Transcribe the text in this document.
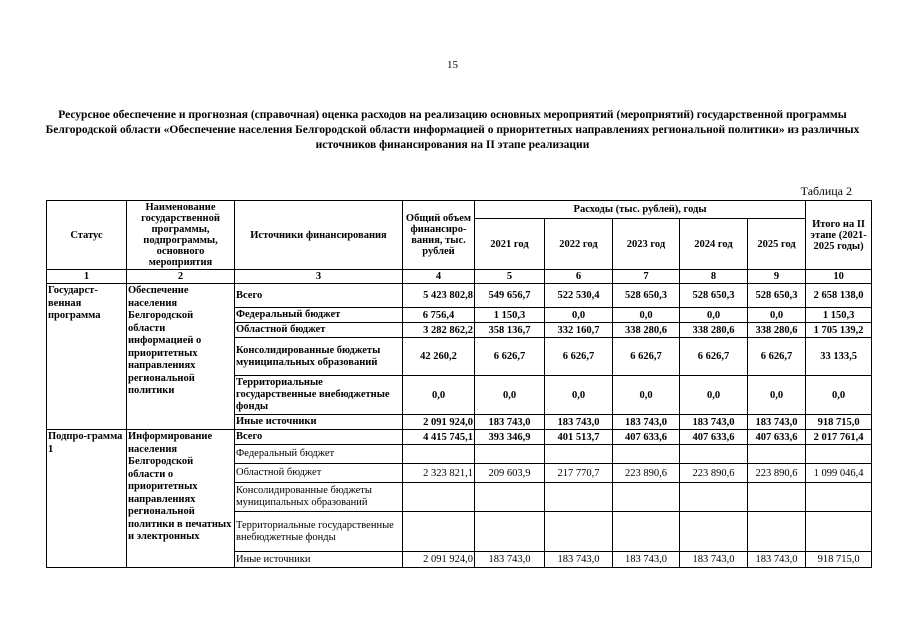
15
Ресурсное обеспечение и прогнозная (справочная) оценка расходов на реализацию основных мероприятий (мероприятий) государственной программы Белгородской области «Обеспечение населения Белгородской области информацией о приоритетных направлениях региональной политики» из различных источников финансирования на II этапе реализации
Таблица 2
Статус	Наименование государственной программы, подпрограммы, основного мероприятия	Источники финансирования	Общий объем финансиро-вания, тыс. рублей	Расходы (тыс. рублей), годы					Итого на II этапе (2021-2025 годы)
				2021 год	2022 год	2023 год	2024 год	2025 год	
1	2	3	4	5	6	7	8	9	10
Государст-венная программа	Обеспечение населения Белгородской области информацией о приоритетных направлениях региональной политики	Всего	5 423 802,8	549 656,7	522 530,4	528 650,3	528 650,3	528 650,3	2 658 138,0
		Федеральный бюджет	6 756,4	1 150,3	0,0	0,0	0,0	0,0	1 150,3
		Областной бюджет	3 282 862,2	358 136,7	332 160,7	338 280,6	338 280,6	338 280,6	1 705 139,2
		Консолидированные бюджеты муниципальных образований	42 260,2	6 626,7	6 626,7	6 626,7	6 626,7	6 626,7	33 133,5
		Территориальные государственные внебюджетные фонды	0,0	0,0	0,0	0,0	0,0	0,0	0,0
		Иные источники	2 091 924,0	183 743,0	183 743,0	183 743,0	183 743,0	183 743,0	918 715,0
Подпро-грамма 1	Информирование населения Белгородской области о приоритетных направлениях региональной политики в печатных и электронных	Всего	4 415 745,1	393 346,9	401 513,7	407 633,6	407 633,6	407 633,6	2 017 761,4
		Федеральный бюджет							
		Областной бюджет	2 323 821,1	209 603,9	217 770,7	223 890,6	223 890,6	223 890,6	1 099 046,4
		Консолидированные бюджеты муниципальных образований							
		Территориальные государственные внебюджетные фонды							
		Иные источники	2 091 924,0	183 743,0	183 743,0	183 743,0	183 743,0	183 743,0	918 715,0
